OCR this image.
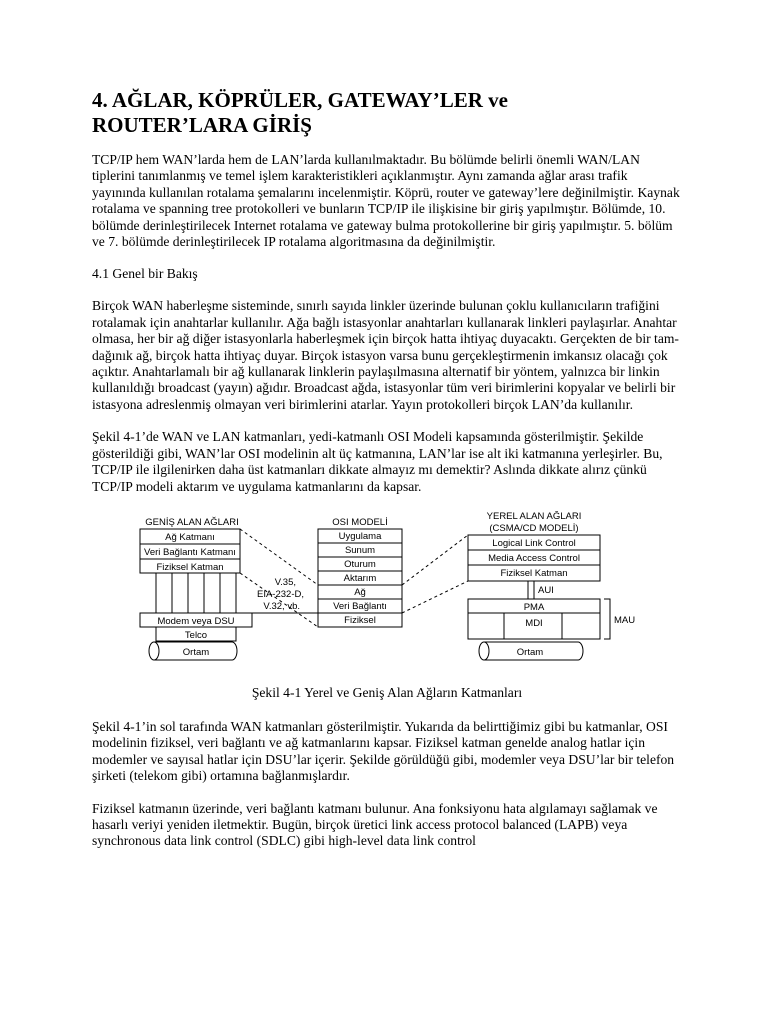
4. AĞLAR, KÖPRÜLER, GATEWAY’LER ve ROUTER’LARA GİRİŞ

TCP/IP hem WAN’larda hem de LAN’larda kullanılmaktadır. Bu bölümde belirli önemli WAN/LAN tiplerini tanımlanmış ve temel işlem karakteristikleri açıklanmıştır. Aynı zamanda ağlar arası trafik yayınında kullanılan rotalama şemalarını incelenmiştir. Köprü, router ve gateway’lere değinilmiştir. Kaynak rotalama ve spanning tree protokolleri ve bunların TCP/IP ile ilişkisine bir giriş yapılmıştır. Bölümde, 10. bölümde derinleştirilecek Internet rotalama ve gateway bulma protokollerine bir giriş yapılmıştır. 5. bölüm ve 7. bölümde derinleştirilecek IP rotalama algoritmasına da değinilmiştir.

4.1 Genel bir Bakış

Birçok WAN haberleşme sisteminde, sınırlı sayıda linkler üzerinde bulunan çoklu kullanıcıların trafiğini rotalamak için anahtarlar kullanılır. Ağa bağlı istasyonlar anahtarları kullanarak linkleri paylaşırlar. Anahtar olmasa, her bir ağ diğer istasyonlarla haberleşmek için birçok hatta ihtiyaç duyacaktı. Gerçekten de bir tam-dağınık ağ, birçok hatta ihtiyaç duyar. Birçok istasyon varsa bunu gerçekleştirmenin imkansız olacağı çok açıktır. Anahtarlamalı bir ağ kullanarak linklerin paylaşılmasına alternatif bir yöntem, yalnızca bir linkin kullanıldığı broadcast (yayın) ağıdır. Broadcast ağda, istasyonlar tüm veri birimlerini kopyalar ve belirli bir istasyona adreslenmiş olmayan veri birimlerini atarlar. Yayın protokolleri birçok LAN’da kullanılır.

Şekil 4-1’de WAN ve LAN katmanları, yedi-katmanlı OSI Modeli kapsamında gösterilmiştir. Şekilde gösterildiği gibi, WAN’lar OSI modelinin alt üç katmanına, LAN’lar ise alt iki katmanına yerleşirler. Bu, TCP/IP ile ilgilenirken daha üst katmanları dikkate almayız mı demektir? Aslında dikkate alırız çünkü TCP/IP modeli aktarım ve uygulama katmanlarını da kapsar.

GENİŞ ALAN AĞLARI
Ağ Katmanı
Veri Bağlantı Katmanı
Fiziksel Katman
Modem veya DSU
Telco
Ortam
OSI MODELİ
Uygulama
Sunum
Oturum
Aktarım
Ağ
Veri Bağlantı
Fiziksel
YEREL ALAN AĞLARI
(CSMA/CD MODELİ)
Logical Link Control
Media Access Control
Fiziksel Katman
PMA
MDI
Ortam
V.35,
EIA-232-D,
V.32, vb.
AUI
MAU
Şekil 4-1 Yerel ve Geniş Alan Ağların Katmanları

Şekil 4-1’in sol tarafında WAN katmanları gösterilmiştir. Yukarıda da belirttiğimiz gibi bu katmanlar, OSI modelinin fiziksel, veri bağlantı ve ağ katmanlarını kapsar. Fiziksel katman genelde analog hatlar için modemler ve sayısal hatlar için DSU’lar içerir. Şekilde görüldüğü gibi, modemler veya DSU’lar bir telefon şirketi (telekom gibi) ortamına bağlanmışlardır.

Fiziksel katmanın üzerinde, veri bağlantı katmanı bulunur. Ana fonksiyonu hata algılamayı sağlamak ve hasarlı veriyi yeniden iletmektir. Bugün, birçok üretici link access protocol balanced (LAPB) veya synchronous data link control (SDLC) gibi high-level data link control
